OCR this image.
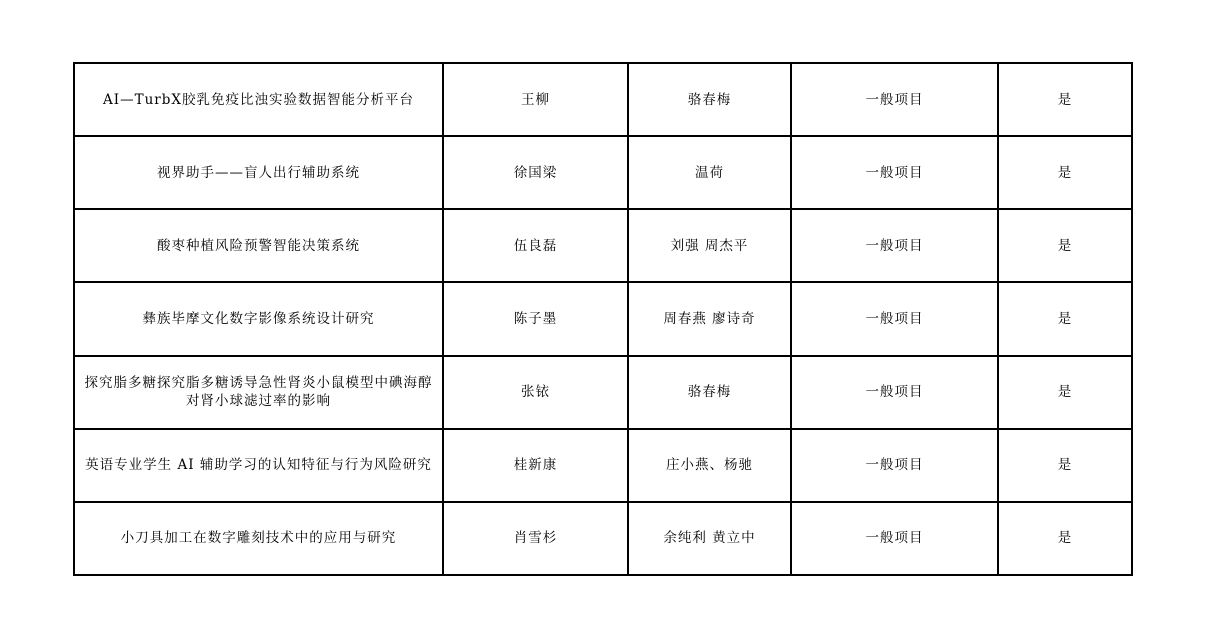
AI—TurbX胶乳免疫比浊实验数据智能分析平台	王柳	骆春梅	一般项目	是
视界助手——盲人出行辅助系统	徐国梁	温荷	一般项目	是
酸枣种植风险预警智能决策系统	伍良磊	刘强 周杰平	一般项目	是
彝族毕摩文化数字影像系统设计研究	陈子墨	周春燕 廖诗奇	一般项目	是
探究脂多糖探究脂多糖诱导急性肾炎小鼠模型中碘海醇对肾小球滤过率的影响	张铱	骆春梅	一般项目	是
英语专业学生 AI 辅助学习的认知特征与行为风险研究	桂新康	庄小燕、杨驰	一般项目	是
小刀具加工在数字雕刻技术中的应用与研究	肖雪杉	余纯利 黄立中	一般项目	是
